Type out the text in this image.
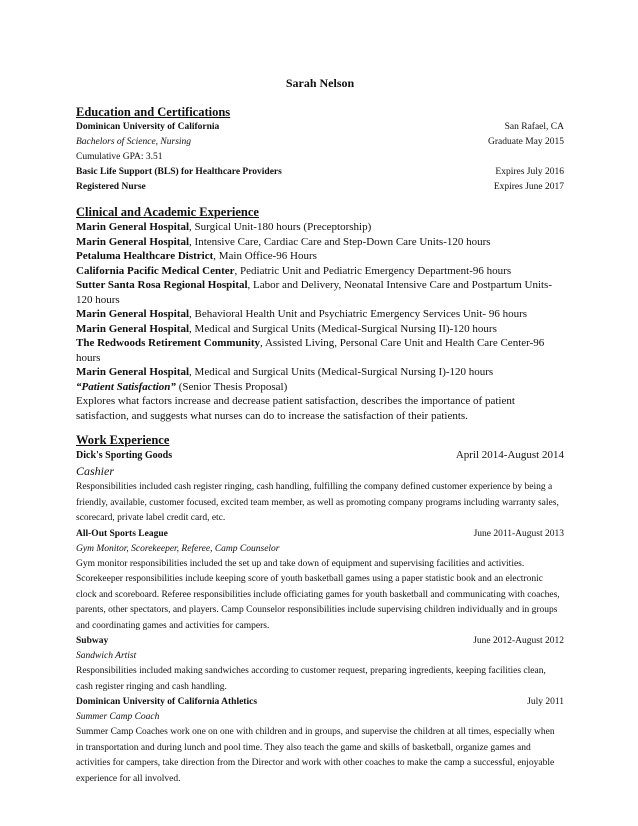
Sarah Nelson
Education and Certifications
Dominican University of California	San Rafael, CA
Bachelors of Science, Nursing	Graduate May 2015
Cumulative GPA: 3.51
Basic Life Support (BLS) for Healthcare Providers	Expires July 2016
Registered Nurse	Expires June 2017
Clinical and Academic Experience
Marin General Hospital, Surgical Unit-180 hours (Preceptorship)
Marin General Hospital, Intensive Care, Cardiac Care and Step-Down Care Units-120 hours
Petaluma Healthcare District, Main Office-96 Hours
California Pacific Medical Center, Pediatric Unit and Pediatric Emergency Department-96 hours
Sutter Santa Rosa Regional Hospital, Labor and Delivery, Neonatal Intensive Care and Postpartum Units-120 hours
Marin General Hospital, Behavioral Health Unit and Psychiatric Emergency Services Unit- 96 hours
Marin General Hospital, Medical and Surgical Units (Medical-Surgical Nursing II)-120 hours
The Redwoods Retirement Community, Assisted Living, Personal Care Unit and Health Care Center-96 hours
Marin General Hospital, Medical and Surgical Units (Medical-Surgical Nursing I)-120 hours
“Patient Satisfaction” (Senior Thesis Proposal)
Explores what factors increase and decrease patient satisfaction, describes the importance of patient satisfaction, and suggests what nurses can do to increase the satisfaction of their patients.
Work Experience
Dick's Sporting Goods	April 2014-August 2014
Cashier
Responsibilities included cash register ringing, cash handling, fulfilling the company defined customer experience by being a friendly, available, customer focused, excited team member, as well as promoting company programs including warranty sales, scorecard, private label credit card, etc.
All-Out Sports League	June 2011-August 2013
Gym Monitor, Scorekeeper, Referee, Camp Counselor
Gym monitor responsibilities included the set up and take down of equipment and supervising facilities and activities. Scorekeeper responsibilities include keeping score of youth basketball games using a paper statistic book and an electronic clock and scoreboard. Referee responsibilities include officiating games for youth basketball and communicating with coaches, parents, other spectators, and players. Camp Counselor responsibilities include supervising children individually and in groups and coordinating games and activities for campers.
Subway	June 2012-August 2012
Sandwich Artist
Responsibilities included making sandwiches according to customer request, preparing ingredients, keeping facilities clean, cash register ringing and cash handling.
Dominican University of California Athletics	July 2011
Summer Camp Coach
Summer Camp Coaches work one on one with children and in groups, and supervise the children at all times, especially when in transportation and during lunch and pool time. They also teach the game and skills of basketball, organize games and activities for campers, take direction from the Director and work with other coaches to make the camp a successful, enjoyable experience for all involved.
